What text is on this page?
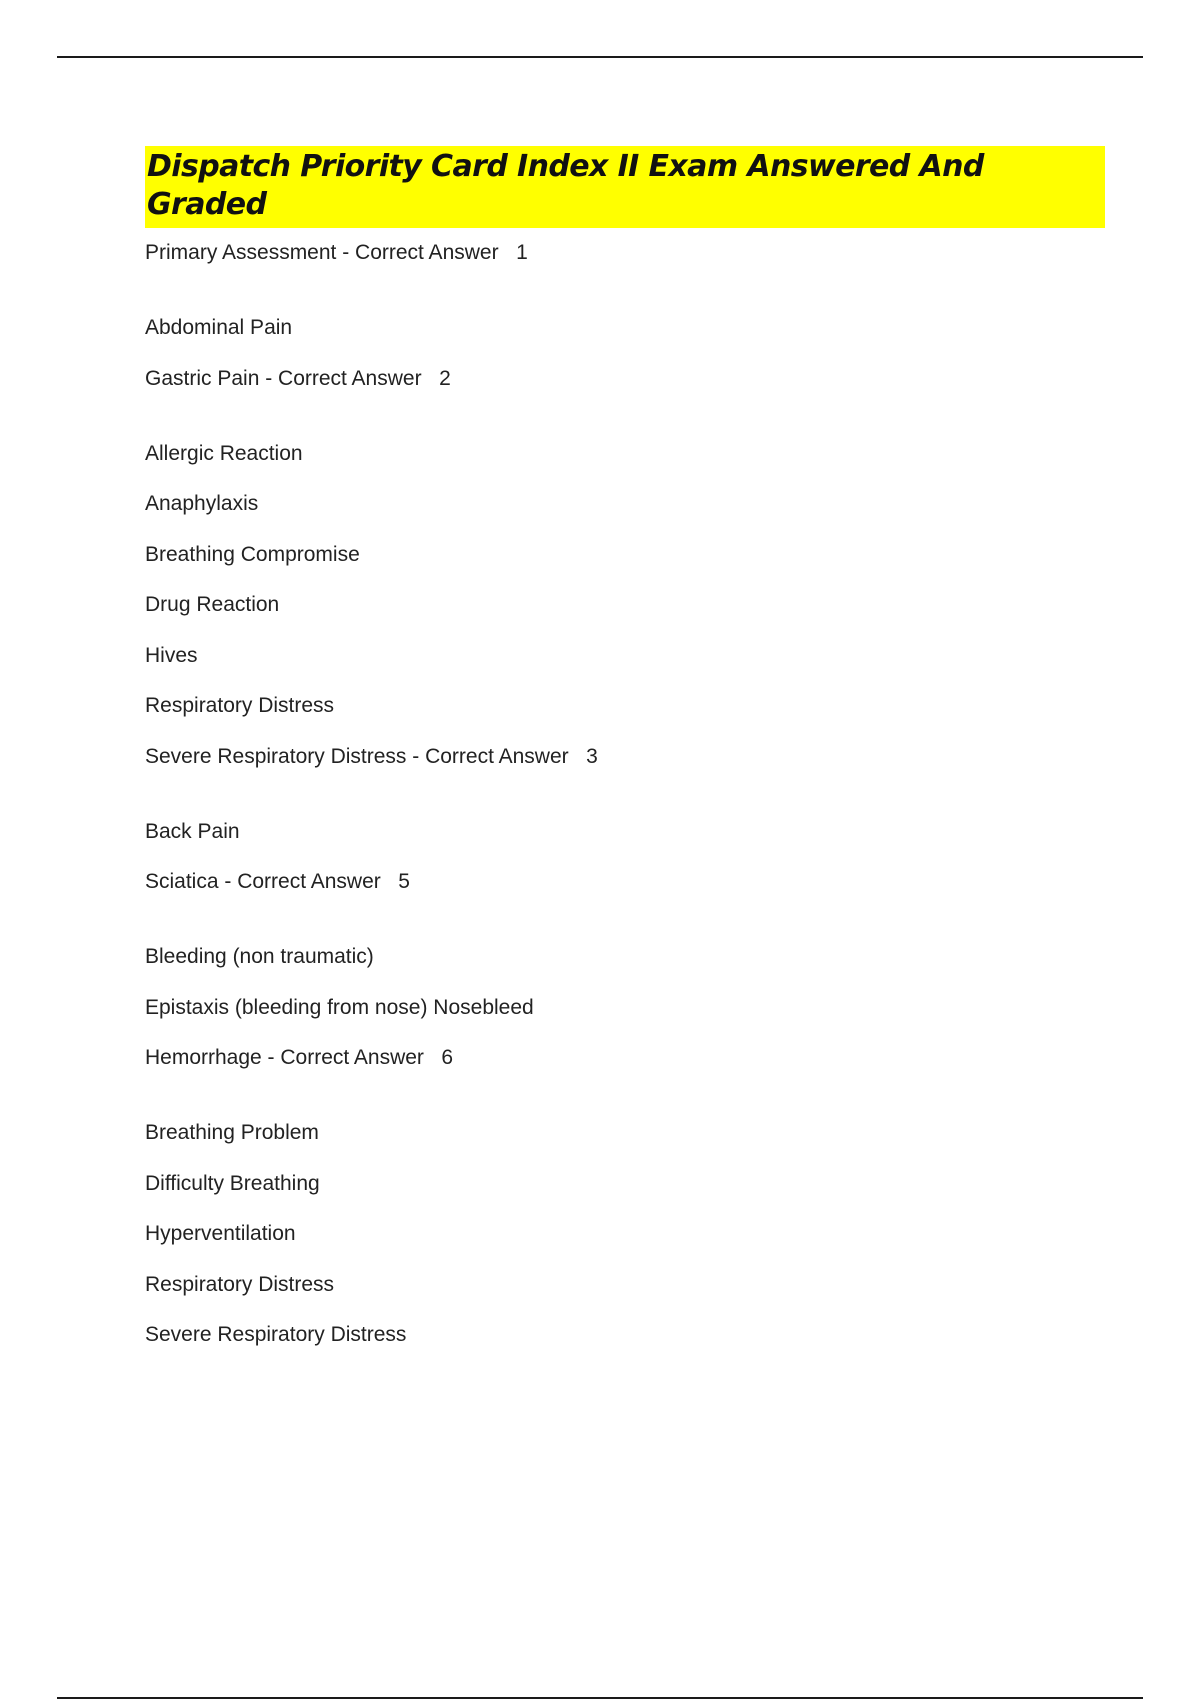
Dispatch Priority Card Index II Exam Answered And Graded
Primary Assessment - Correct Answer   1
Abdominal Pain
Gastric Pain - Correct Answer   2
Allergic Reaction
Anaphylaxis
Breathing Compromise
Drug Reaction
Hives
Respiratory Distress
Severe Respiratory Distress - Correct Answer   3
Back Pain
Sciatica - Correct Answer   5
Bleeding (non traumatic)
Epistaxis (bleeding from nose) Nosebleed
Hemorrhage - Correct Answer   6
Breathing Problem
Difficulty Breathing
Hyperventilation
Respiratory Distress
Severe Respiratory Distress
